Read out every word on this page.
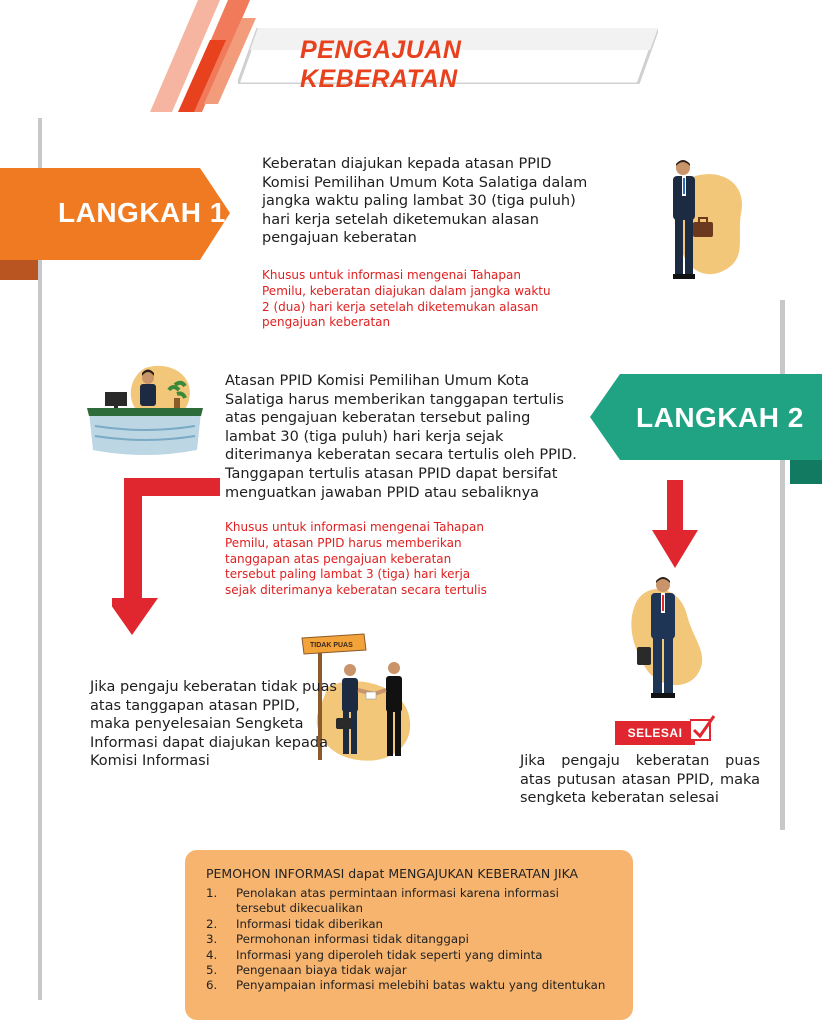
PENGAJUAN KEBERATAN
LANGKAH 1
Keberatan diajukan kepada atasan PPID Komisi Pemilihan Umum Kota Salatiga dalam jangka waktu paling lambat 30 (tiga puluh) hari kerja setelah diketemukan alasan pengajuan keberatan
Khusus untuk informasi mengenai Tahapan Pemilu, keberatan diajukan dalam jangka waktu 2 (dua) hari kerja setelah diketemukan alasan pengajuan keberatan
Atasan PPID Komisi Pemilihan Umum Kota Salatiga harus memberikan tanggapan tertulis atas pengajuan keberatan tersebut paling lambat 30 (tiga puluh) hari kerja sejak diterimanya keberatan secara tertulis oleh PPID. Tanggapan tertulis atasan PPID dapat bersifat menguatkan jawaban PPID atau sebaliknya
Khusus untuk informasi mengenai Tahapan Pemilu, atasan PPID harus memberikan tanggapan atas pengajuan keberatan tersebut paling lambat 3 (tiga) hari kerja sejak diterimanya keberatan secara tertulis
LANGKAH 2
TIDAK PUAS
Jika pengaju keberatan tidak puas atas tanggapan atasan PPID, maka penyelesaian Sengketa Informasi dapat diajukan kepada Komisi Informasi
SELESAI
Jika pengaju keberatan puas atas putusan atasan PPID, maka sengketa keberatan selesai
PEMOHON INFORMASI dapat MENGAJUKAN KEBERATAN JIKA
1.	Penolakan atas permintaan informasi karena informasi tersebut dikecualikan
2.	Informasi tidak diberikan
3.	Permohonan informasi tidak ditanggapi
4.	Informasi yang diperoleh tidak seperti yang diminta
5.	Pengenaan biaya tidak wajar
6.	Penyampaian informasi melebihi batas waktu yang ditentukan
